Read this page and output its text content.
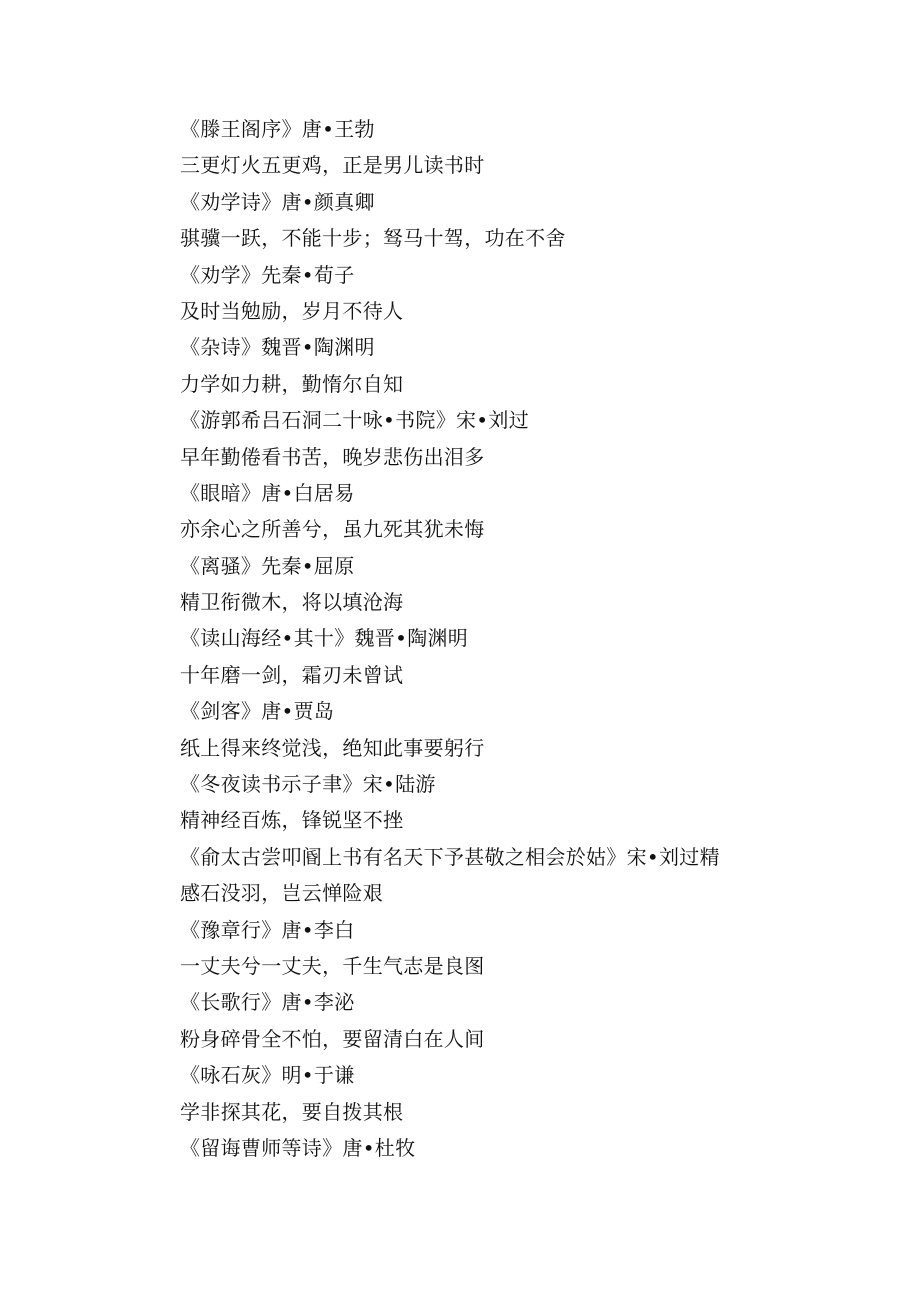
《滕王阁序》唐•王勃
三更灯火五更鸡，正是男儿读书时
《劝学诗》唐•颜真卿
骐骥一跃，不能十步；驽马十驾，功在不舍
《劝学》先秦•荀子
及时当勉励，岁月不待人
《杂诗》魏晋•陶渊明
力学如力耕，勤惰尔自知
《游郭希吕石洞二十咏•书院》宋•刘过
早年勤倦看书苦，晚岁悲伤出泪多
《眼暗》唐•白居易
亦余心之所善兮，虽九死其犹未悔
《离骚》先秦•屈原
精卫衔微木，将以填沧海
《读山海经•其十》魏晋•陶渊明
十年磨一剑，霜刃未曾试
《剑客》唐•贾岛
纸上得来终觉浅，绝知此事要躬行
《冬夜读书示子聿》宋•陆游
精神经百炼，锋锐坚不挫
《俞太古尝叩阍上书有名天下予甚敬之相会於姑》宋•刘过精
感石没羽，岂云惮险艰
《豫章行》唐•李白
一丈夫兮一丈夫，千生气志是良图
《长歌行》唐•李泌
粉身碎骨全不怕，要留清白在人间
《咏石灰》明•于谦
学非探其花，要自拨其根
《留诲曹师等诗》唐•杜牧
